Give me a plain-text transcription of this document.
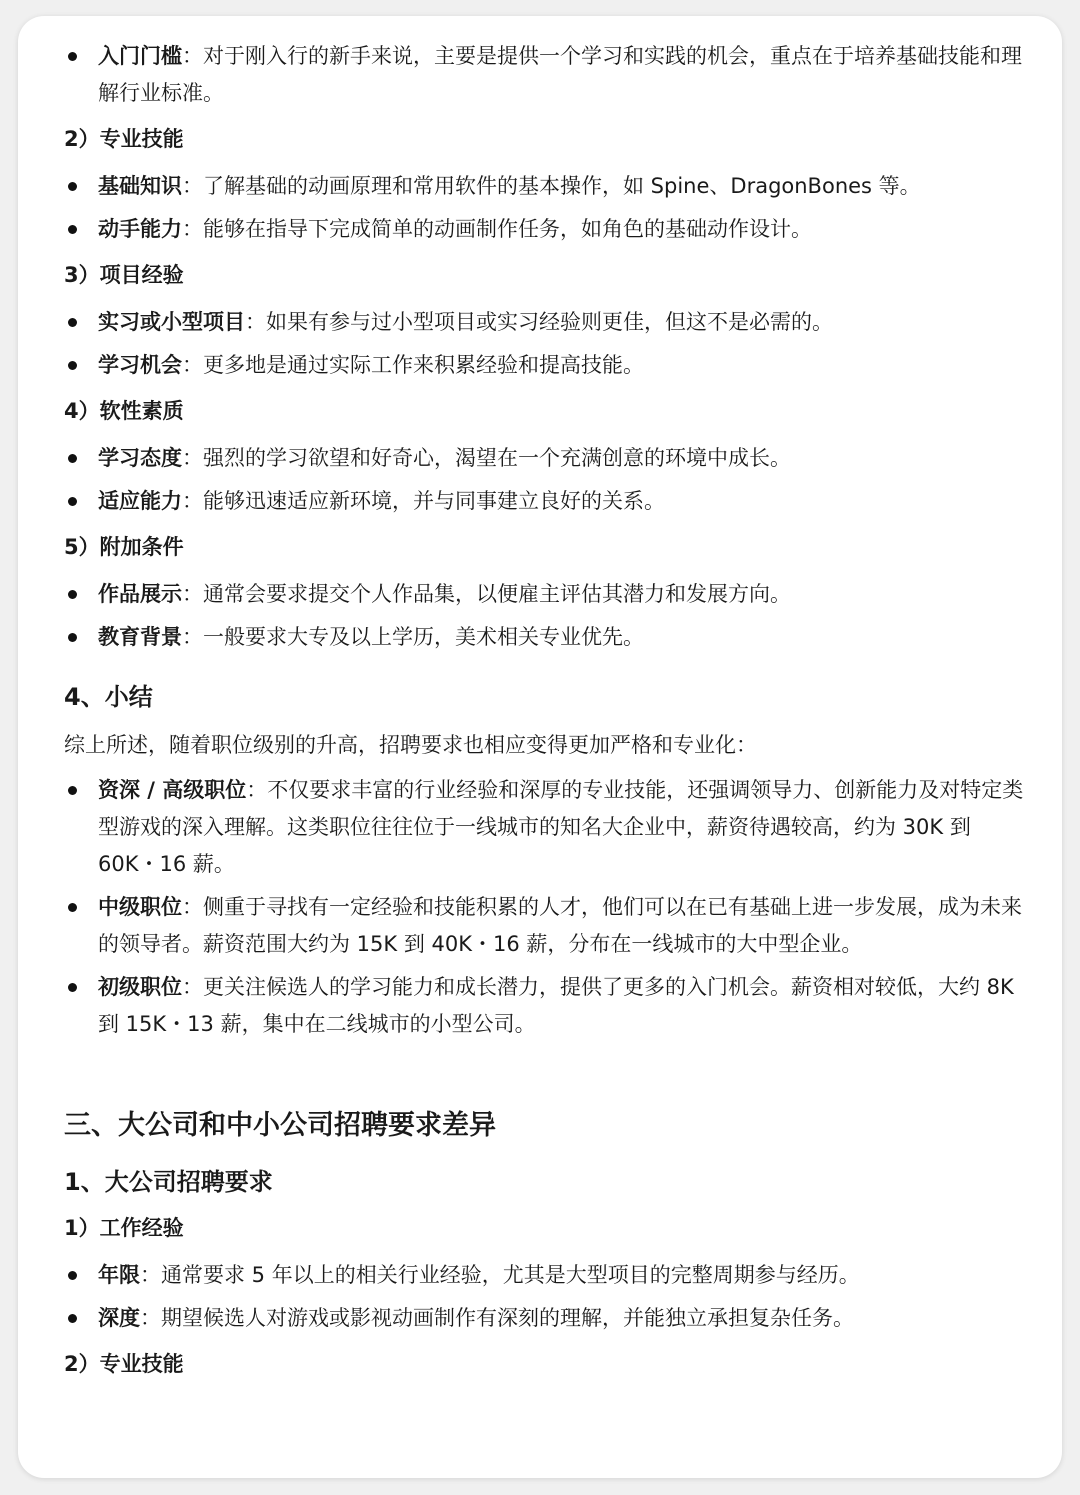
入门门槛：对于刚入行的新手来说，主要是提供一个学习和实践的机会，重点在于培养基础技能和理解行业标准。
2）专业技能
基础知识：了解基础的动画原理和常用软件的基本操作，如 Spine、DragonBones 等。
动手能力：能够在指导下完成简单的动画制作任务，如角色的基础动作设计。
3）项目经验
实习或小型项目：如果有参与过小型项目或实习经验则更佳，但这不是必需的。
学习机会：更多地是通过实际工作来积累经验和提高技能。
4）软性素质
学习态度：强烈的学习欲望和好奇心，渴望在一个充满创意的环境中成长。
适应能力：能够迅速适应新环境，并与同事建立良好的关系。
5）附加条件
作品展示：通常会要求提交个人作品集，以便雇主评估其潜力和发展方向。
教育背景：一般要求大专及以上学历，美术相关专业优先。
4、小结
综上所述，随着职位级别的升高，招聘要求也相应变得更加严格和专业化：
资深 / 高级职位：不仅要求丰富的行业经验和深厚的专业技能，还强调领导力、创新能力及对特定类型游戏的深入理解。这类职位往往位于一线城市的知名大企业中，薪资待遇较高，约为 30K 到 60K・16 薪。
中级职位：侧重于寻找有一定经验和技能积累的人才，他们可以在已有基础上进一步发展，成为未来的领导者。薪资范围大约为 15K 到 40K・16 薪，分布在一线城市的大中型企业。
初级职位：更关注候选人的学习能力和成长潜力，提供了更多的入门机会。薪资相对较低，大约 8K 到 15K・13 薪，集中在二线城市的小型公司。
三、大公司和中小公司招聘要求差异
1、大公司招聘要求
1）工作经验
年限：通常要求 5 年以上的相关行业经验，尤其是大型项目的完整周期参与经历。
深度：期望候选人对游戏或影视动画制作有深刻的理解，并能独立承担复杂任务。
2）专业技能
